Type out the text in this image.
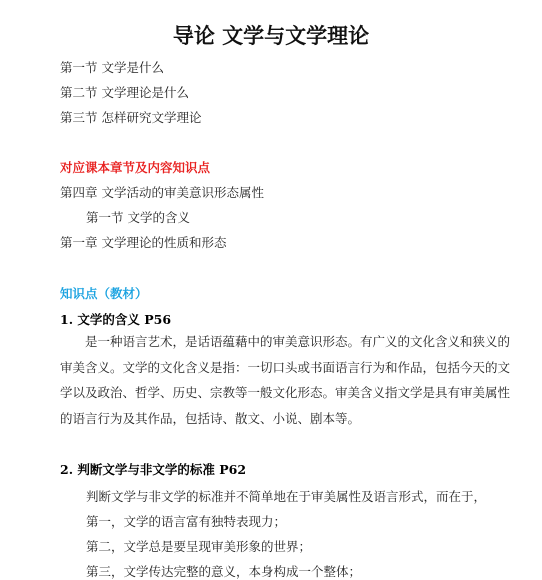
导论 文学与文学理论
第一节 文学是什么
第二节 文学理论是什么
第三节 怎样研究文学理论
对应课本章节及内容知识点
第四章 文学活动的审美意识形态属性
第一节 文学的含义
第一章 文学理论的性质和形态
知识点（教材）
1. 文学的含义 P56
是一种语言艺术，是话语蕴藉中的审美意识形态。有广义的文化含义和狭义的审美含义。文学的文化含义是指：一切口头或书面语言行为和作品，包括今天的文学以及政治、哲学、历史、宗教等一般文化形态。审美含义指文学是具有审美属性的语言行为及其作品，包括诗、散文、小说、剧本等。
2. 判断文学与非文学的标准 P62
判断文学与非文学的标准并不简单地在于审美属性及语言形式，而在于，
第一，文学的语言富有独特表现力；
第二，文学总是要呈现审美形象的世界；
第三，文学传达完整的意义，本身构成一个整体；
